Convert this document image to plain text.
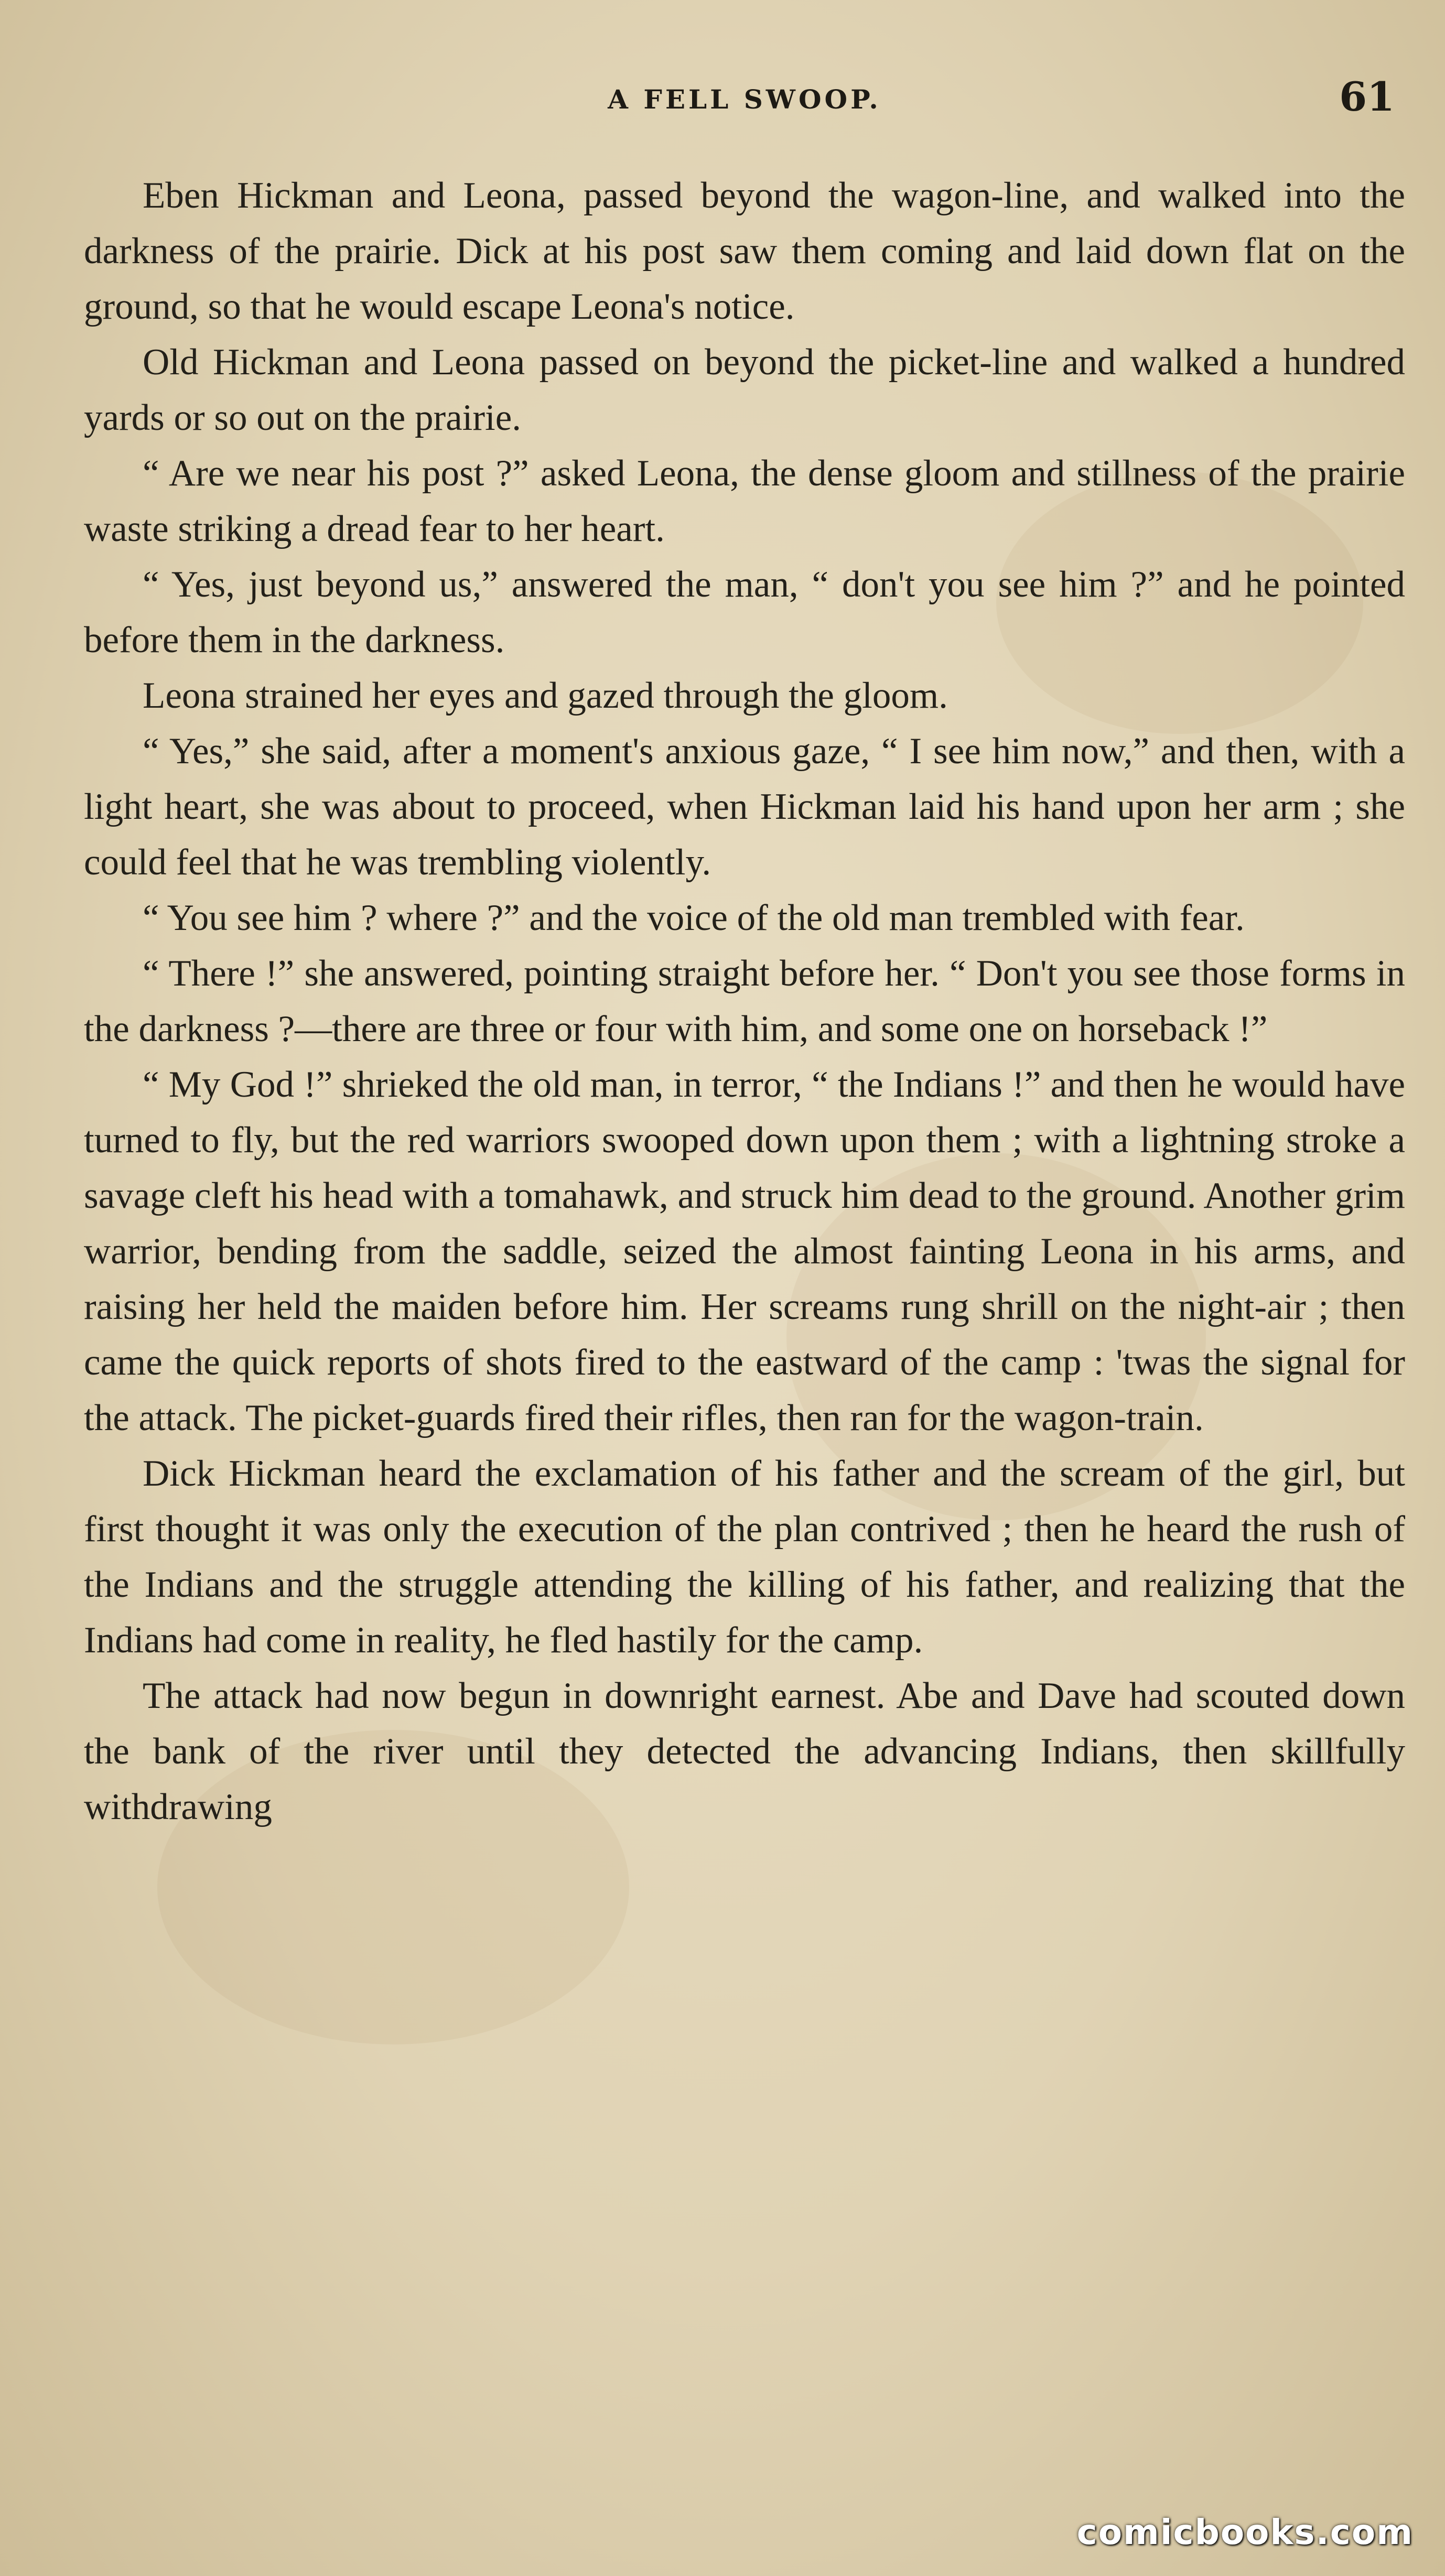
A FELL SWOOP.	61

Eben Hickman and Leona, passed beyond the wagon-line, and walked into the darkness of the prairie. Dick at his post saw them coming and laid down flat on the ground, so that he would escape Leona's notice.

Old Hickman and Leona passed on beyond the picket-line and walked a hundred yards or so out on the prairie.

“ Are we near his post ?” asked Leona, the dense gloom and stillness of the prairie waste striking a dread fear to her heart.

“ Yes, just beyond us,” answered the man, “ don't you see him ?” and he pointed before them in the darkness.

Leona strained her eyes and gazed through the gloom.

“ Yes,” she said, after a moment's anxious gaze, “ I see him now,” and then, with a light heart, she was about to proceed, when Hickman laid his hand upon her arm ; she could feel that he was trembling violently.

“ You see him ? where ?” and the voice of the old man trembled with fear.

“ There !” she answered, pointing straight before her. “ Don't you see those forms in the darkness ?—there are three or four with him, and some one on horseback !”

“ My God !” shrieked the old man, in terror, “ the Indians !” and then he would have turned to fly, but the red warriors swooped down upon them ; with a lightning stroke a savage cleft his head with a tomahawk, and struck him dead to the ground. Another grim warrior, bending from the saddle, seized the almost fainting Leona in his arms, and raising her held the maiden before him. Her screams rung shrill on the night-air ; then came the quick reports of shots fired to the eastward of the camp : 'twas the signal for the attack. The picket-guards fired their rifles, then ran for the wagon-train.

Dick Hickman heard the exclamation of his father and the scream of the girl, but first thought it was only the execution of the plan contrived ; then he heard the rush of the Indians and the struggle attending the killing of his father, and realizing that the Indians had come in reality, he fled hastily for the camp.

The attack had now begun in downright earnest. Abe and Dave had scouted down the bank of the river until they detected the advancing Indians, then skillfully withdrawing

comicbooks.com
